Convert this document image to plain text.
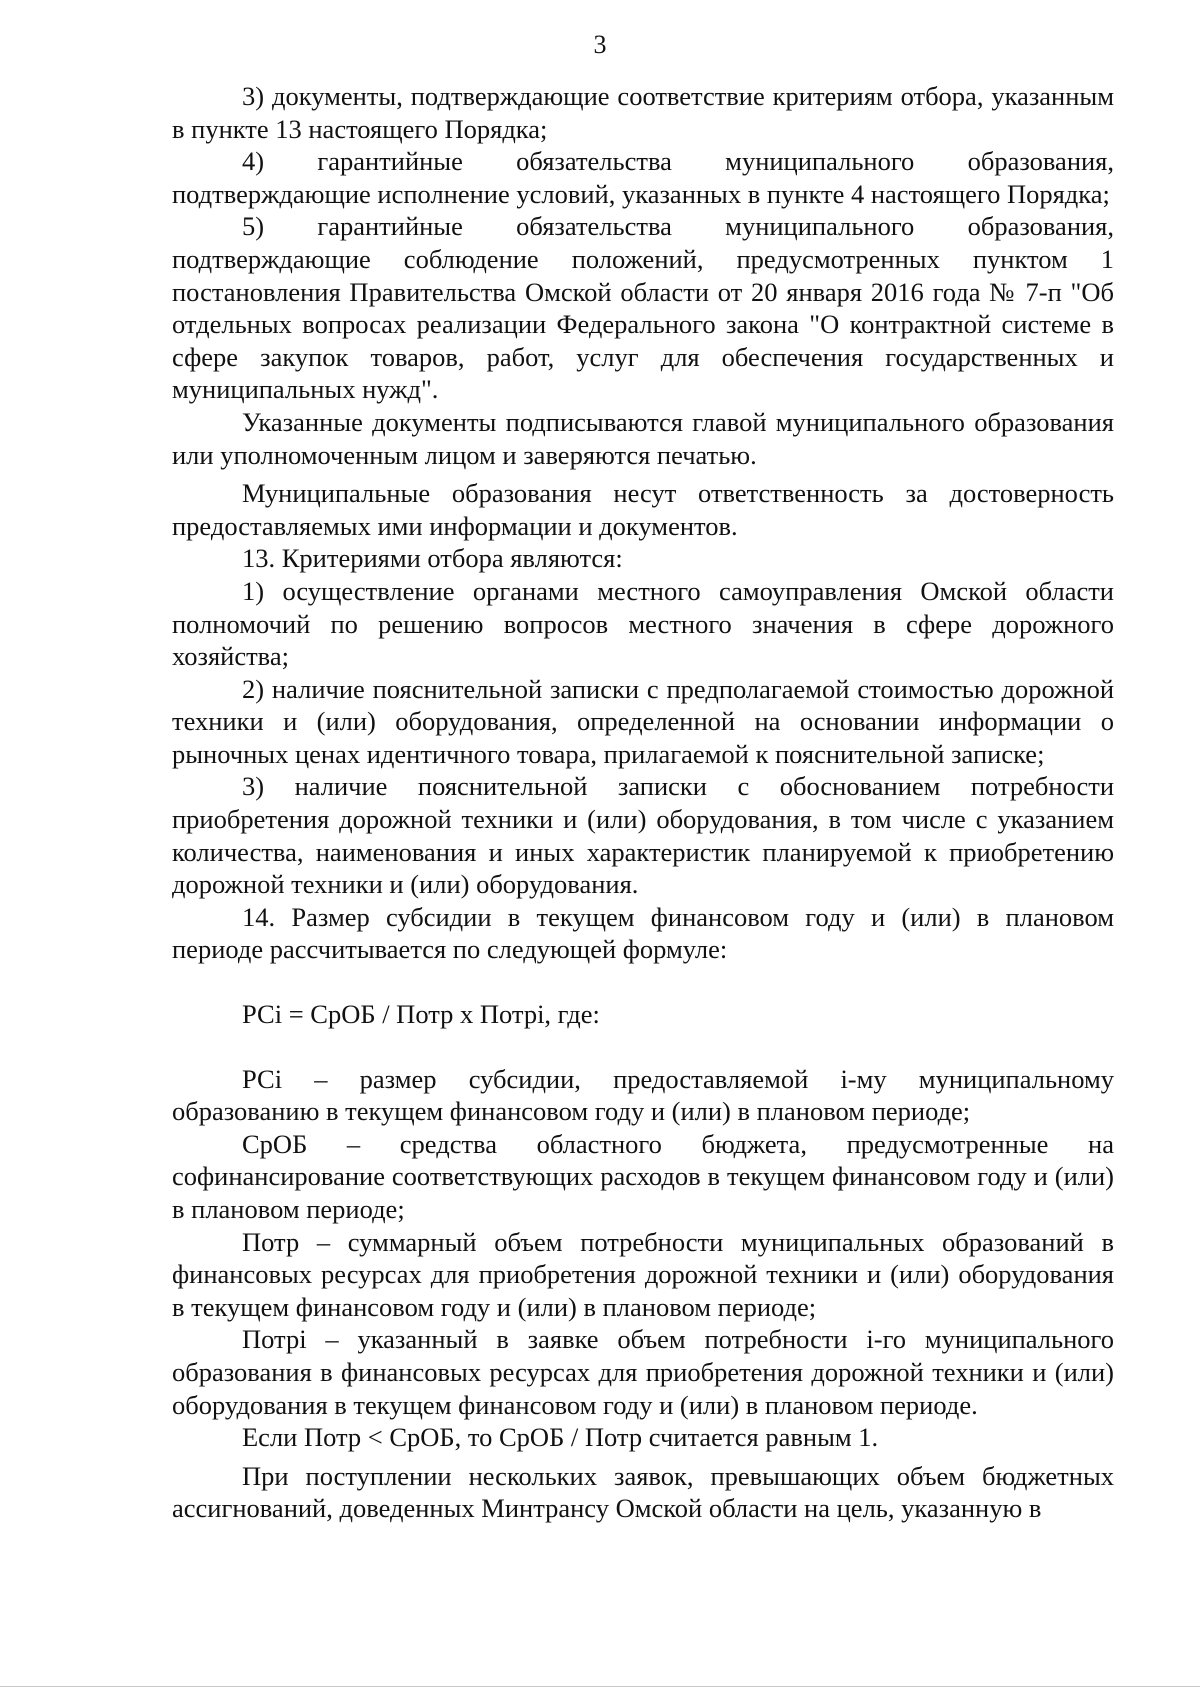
3

3) документы, подтверждающие соответствие критериям отбора, указанным в пункте 13 настоящего Порядка;

4) гарантийные обязательства муниципального образования, подтверждающие исполнение условий, указанных в пункте 4 настоящего Порядка;

5) гарантийные обязательства муниципального образования, подтверждающие соблюдение положений, предусмотренных пунктом 1 постановления Правительства Омской области от 20 января 2016 года № 7-п "Об отдельных вопросах реализации Федерального закона "О контрактной системе в сфере закупок товаров, работ, услуг для обеспечения государственных и муниципальных нужд".

Указанные документы подписываются главой муниципального образования или уполномоченным лицом и заверяются печатью.

Муниципальные образования несут ответственность за достоверность предоставляемых ими информации и документов.

13. Критериями отбора являются:

1) осуществление органами местного самоуправления Омской области полномочий по решению вопросов местного значения в сфере дорожного хозяйства;

2) наличие пояснительной записки с предполагаемой стоимостью дорожной техники и (или) оборудования, определенной на основании информации о рыночных ценах идентичного товара, прилагаемой к пояснительной записке;

3) наличие пояснительной записки с обоснованием потребности приобретения дорожной техники и (или) оборудования, в том числе с указанием количества, наименования и иных характеристик планируемой к приобретению дорожной техники и (или) оборудования.

14. Размер субсидии в текущем финансовом году и (или) в плановом периоде рассчитывается по следующей формуле:

РСі = СрОБ / Потр х Потрі, где:

РСі – размер субсидии, предоставляемой і-му муниципальному образованию в текущем финансовом году и (или) в плановом периоде;

СрОБ – средства областного бюджета, предусмотренные на софинансирование соответствующих расходов в текущем финансовом году и (или) в плановом периоде;

Потр – суммарный объем потребности муниципальных образований в финансовых ресурсах для приобретения дорожной техники и (или) оборудования в текущем финансовом году и (или) в плановом периоде;

Потрі – указанный в заявке объем потребности і-го муниципального образования в финансовых ресурсах для приобретения дорожной техники и (или) оборудования в текущем финансовом году и (или) в плановом периоде.

Если Потр < СрОБ, то СрОБ / Потр считается равным 1.

При поступлении нескольких заявок, превышающих объем бюджетных ассигнований, доведенных Минтрансу Омской области на цель, указанную в
